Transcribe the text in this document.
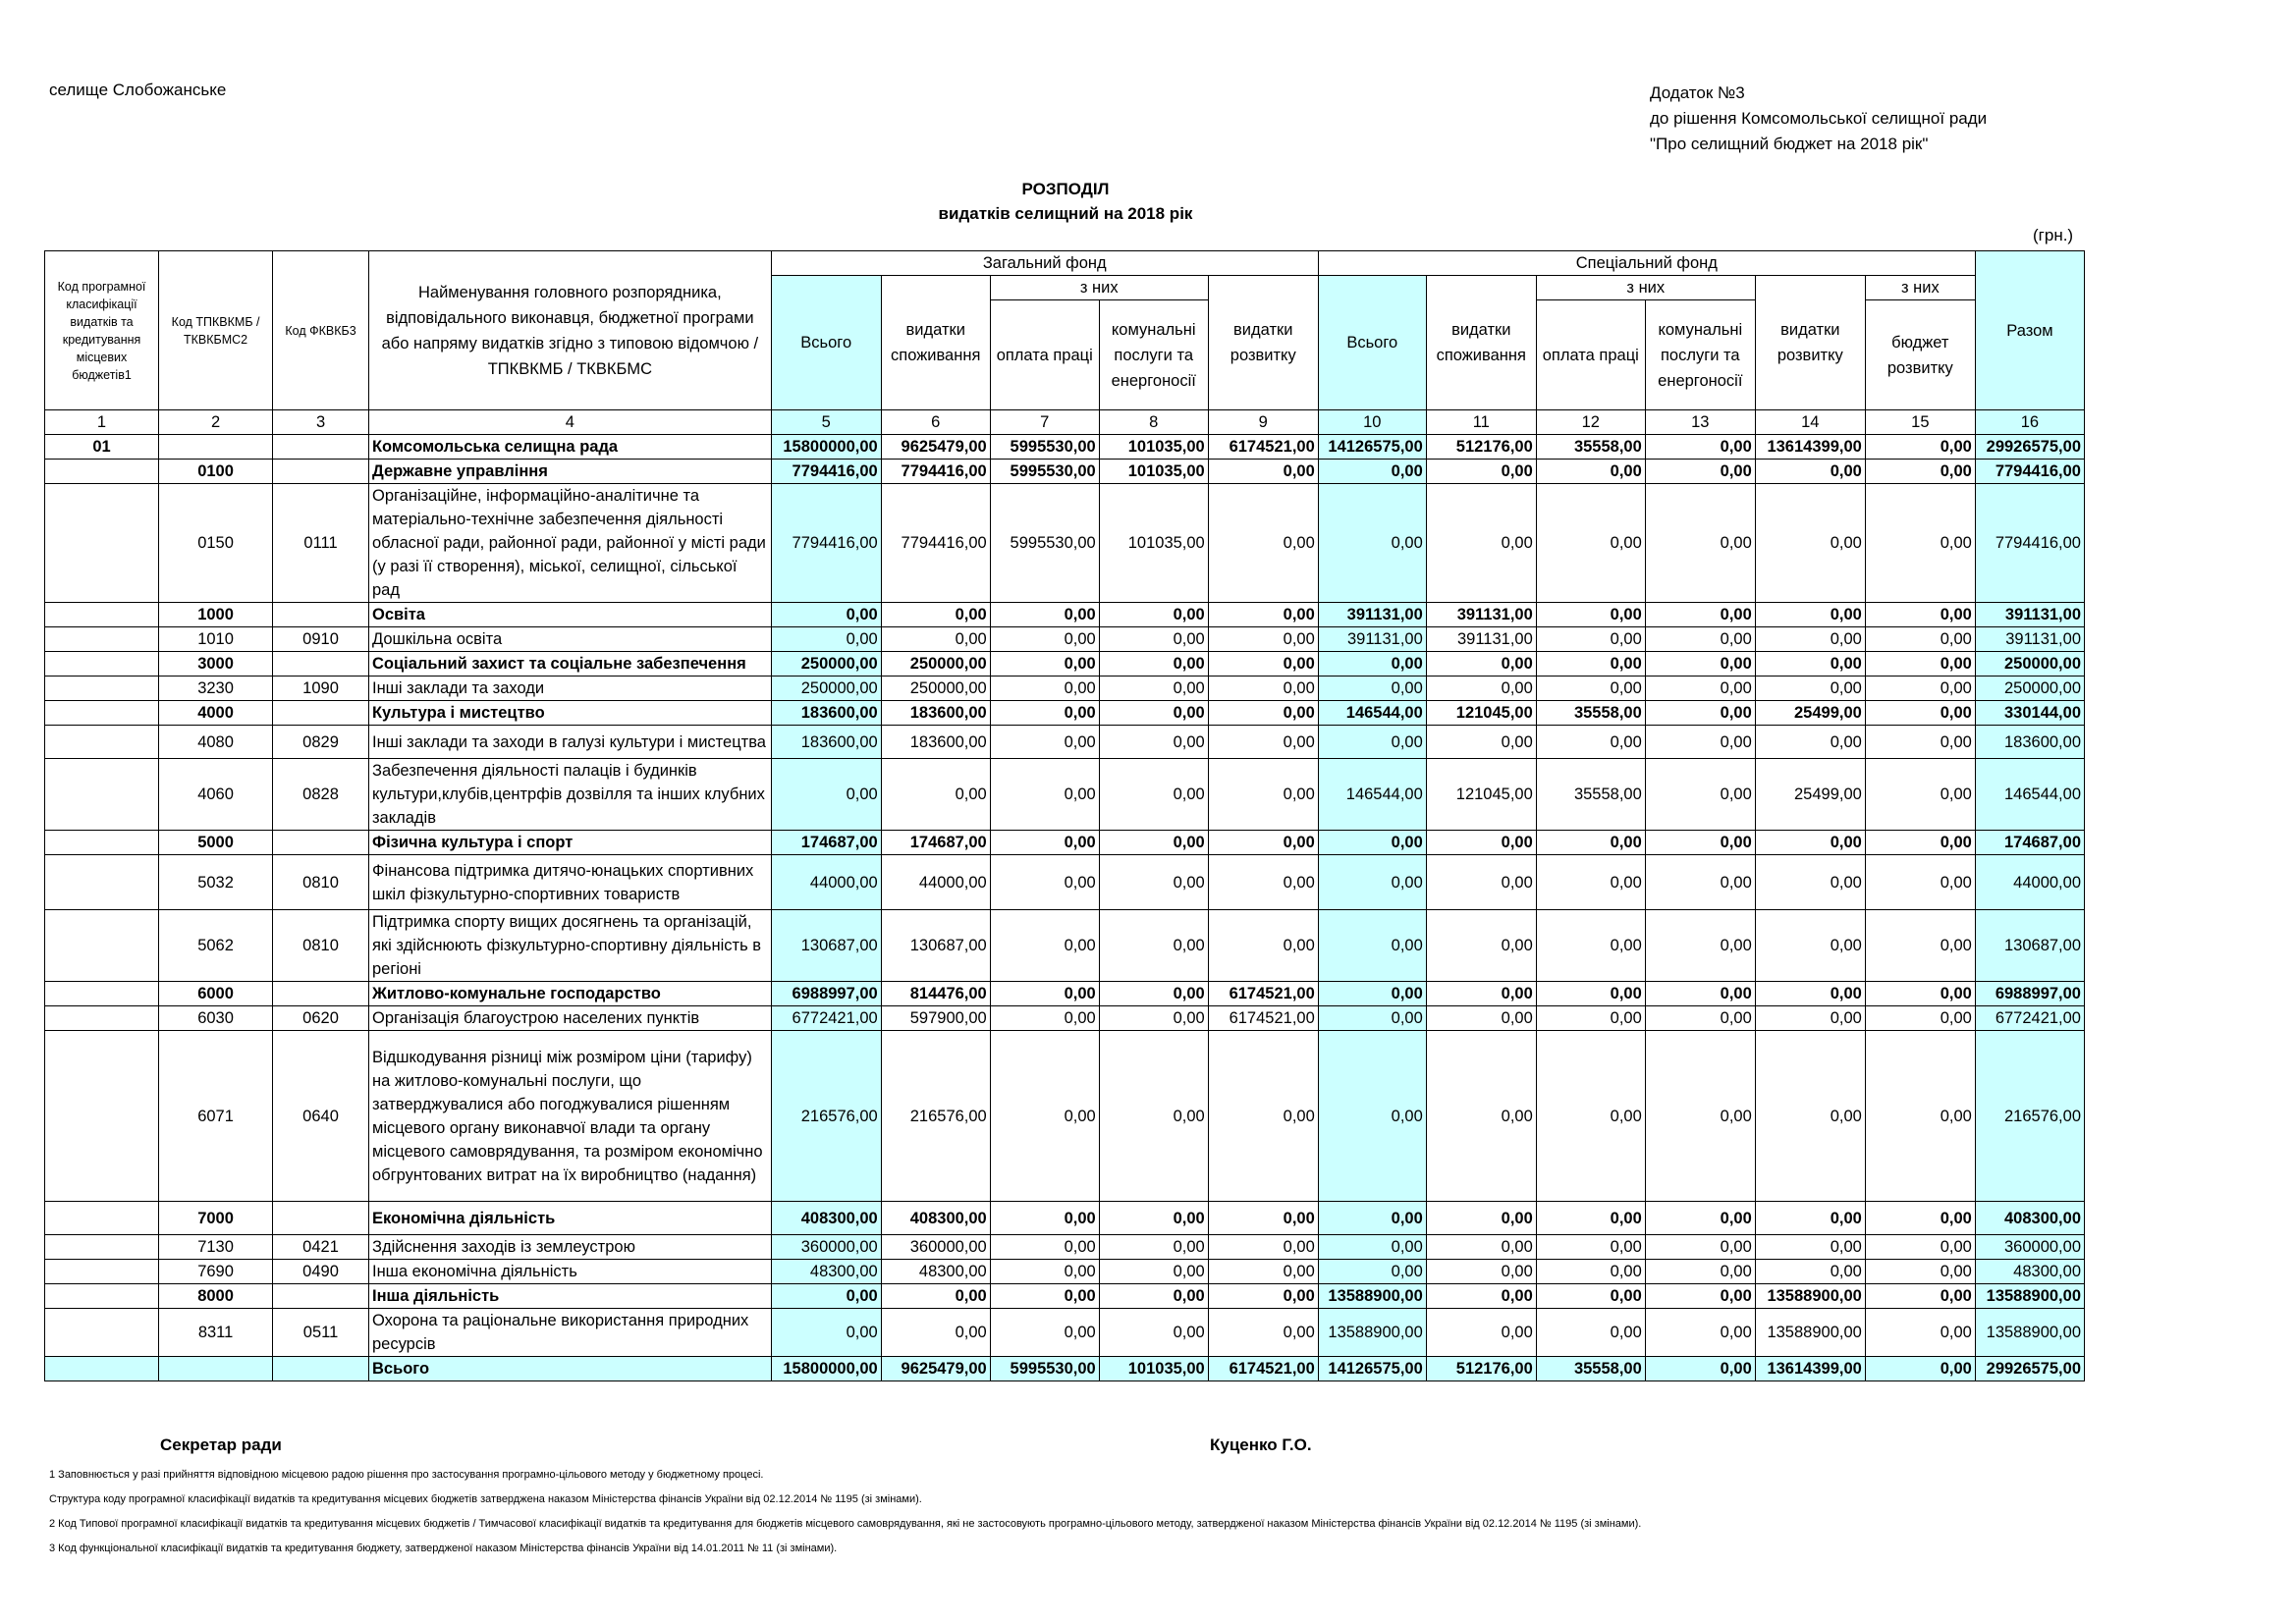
селище Слобожанське	Додаток №3
до рішення Комсомольської селищної ради
"Про селищний бюджет на 2018 рік"
РОЗПОДІЛ
видатків селищний на 2018 рік
(грн.)
Код програмної класифікації видатків та кредитування місцевих бюджетів1	Код ТПКВКМБ / ТКВКБМС2	Код ФКВКБ3	Найменування головного розпорядника, відповідального виконавця, бюджетної програми або напряму видатків згідно з типовою відомчою / ТПКВКМБ / ТКВКБМС	Загальний фонд					Спеціальний фонд						Разом
				Всього	видатки споживання	з них		видатки розвитку	Всього	видатки споживання	з них		видатки розвитку	з них	
						оплата праці	комунальні послуги та енергоносії				оплата праці	комунальні послуги та енергоносії		бюджет розвитку	

1	2	3	4	5	6	7	8	9	10	11	12	13	14	15	16
01			Комсомольська селищна рада	15800000,00	9625479,00	5995530,00	101035,00	6174521,00	14126575,00	512176,00	35558,00	0,00	13614399,00	0,00	29926575,00
	0100		Державне управління	7794416,00	7794416,00	5995530,00	101035,00	0,00	0,00	0,00	0,00	0,00	0,00	0,00	7794416,00
	0150	0111	Організаційне, інформаційно-аналітичне та матеріально-технічне забезпечення діяльності обласної ради, районної ради, районної у місті ради (у разі її створення), міської, селищної, сільської рад	7794416,00	7794416,00	5995530,00	101035,00	0,00	0,00	0,00	0,00	0,00	0,00	0,00	7794416,00
	1000		Освіта	0,00	0,00	0,00	0,00	0,00	391131,00	391131,00	0,00	0,00	0,00	0,00	391131,00
	1010	0910	Дошкільна освіта	0,00	0,00	0,00	0,00	0,00	391131,00	391131,00	0,00	0,00	0,00	0,00	391131,00
	3000		Соціальний захист та соціальне забезпечення	250000,00	250000,00	0,00	0,00	0,00	0,00	0,00	0,00	0,00	0,00	0,00	250000,00
	3230	1090	Інші заклади та заходи	250000,00	250000,00	0,00	0,00	0,00	0,00	0,00	0,00	0,00	0,00	0,00	250000,00
	4000		Культура і мистецтво	183600,00	183600,00	0,00	0,00	0,00	146544,00	121045,00	35558,00	0,00	25499,00	0,00	330144,00
	4080	0829	Інші заклади та заходи в галузі культури і мистецтва	183600,00	183600,00	0,00	0,00	0,00	0,00	0,00	0,00	0,00	0,00	0,00	183600,00
	4060	0828	Забезпечення діяльності палаців і будинків культури,клубів,центрфів дозвілля та інших клубних закладів	0,00	0,00	0,00	0,00	0,00	146544,00	121045,00	35558,00	0,00	25499,00	0,00	146544,00
	5000		Фізична культура і спорт	174687,00	174687,00	0,00	0,00	0,00	0,00	0,00	0,00	0,00	0,00	0,00	174687,00
	5032	0810	Фінансова підтримка дитячо-юнацьких спортивних шкіл фізкультурно-спортивних товариств	44000,00	44000,00	0,00	0,00	0,00	0,00	0,00	0,00	0,00	0,00	0,00	44000,00
	5062	0810	Підтримка спорту вищих досягнень та організацій, які здійснюють фізкультурно-спортивну діяльність в регіоні	130687,00	130687,00	0,00	0,00	0,00	0,00	0,00	0,00	0,00	0,00	0,00	130687,00
	6000		Житлово-комунальне господарство	6988997,00	814476,00	0,00	0,00	6174521,00	0,00	0,00	0,00	0,00	0,00	0,00	6988997,00
	6030	0620	Організація благоустрою населених пунктів	6772421,00	597900,00	0,00	0,00	6174521,00	0,00	0,00	0,00	0,00	0,00	0,00	6772421,00
	6071	0640	Відшкодування різниці між розміром ціни (тарифу) на житлово-комунальні послуги, що затверджувалися або погоджувалися рішенням місцевого органу виконавчої влади та органу місцевого самоврядування, та розміром економічно обгрунтованих витрат на їх виробництво (надання)	216576,00	216576,00	0,00	0,00	0,00	0,00	0,00	0,00	0,00	0,00	0,00	216576,00
	7000		Економічна діяльність	408300,00	408300,00	0,00	0,00	0,00	0,00	0,00	0,00	0,00	0,00	0,00	408300,00
	7130	0421	Здійснення заходів із землеустрою	360000,00	360000,00	0,00	0,00	0,00	0,00	0,00	0,00	0,00	0,00	0,00	360000,00
	7690	0490	Інша економічна діяльність	48300,00	48300,00	0,00	0,00	0,00	0,00	0,00	0,00	0,00	0,00	0,00	48300,00
	8000		Інша діяльність	0,00	0,00	0,00	0,00	0,00	13588900,00	0,00	0,00	0,00	13588900,00	0,00	13588900,00
	8311	0511	Охорона та раціональне використання природних ресурсів	0,00	0,00	0,00	0,00	0,00	13588900,00	0,00	0,00	0,00	13588900,00	0,00	13588900,00
			Всього	15800000,00	9625479,00	5995530,00	101035,00	6174521,00	14126575,00	512176,00	35558,00	0,00	13614399,00	0,00	29926575,00
Секретар ради	Куценко Г.О.
1 Заповнюється у разі прийняття відповідною місцевою радою рішення про застосування програмно-цільового методу у бюджетному процесі.
Структура коду програмної класифікації видатків та кредитування місцевих бюджетів затверджена наказом Міністерства фінансів України від 02.12.2014 № 1195 (зі змінами).
2 Код Типової програмної класифікації видатків та кредитування місцевих бюджетів / Тимчасової класифікації видатків та кредитування для бюджетів місцевого самоврядування, які не застосовують програмно-цільового методу, затвердженої наказом Міністерства фінансів України від 02.12.2014 № 1195 (зі змінами).
3 Код функціональної класифікації видатків та кредитування бюджету, затвердженої наказом Міністерства фінансів України від 14.01.2011 № 11 (зі змінами).
